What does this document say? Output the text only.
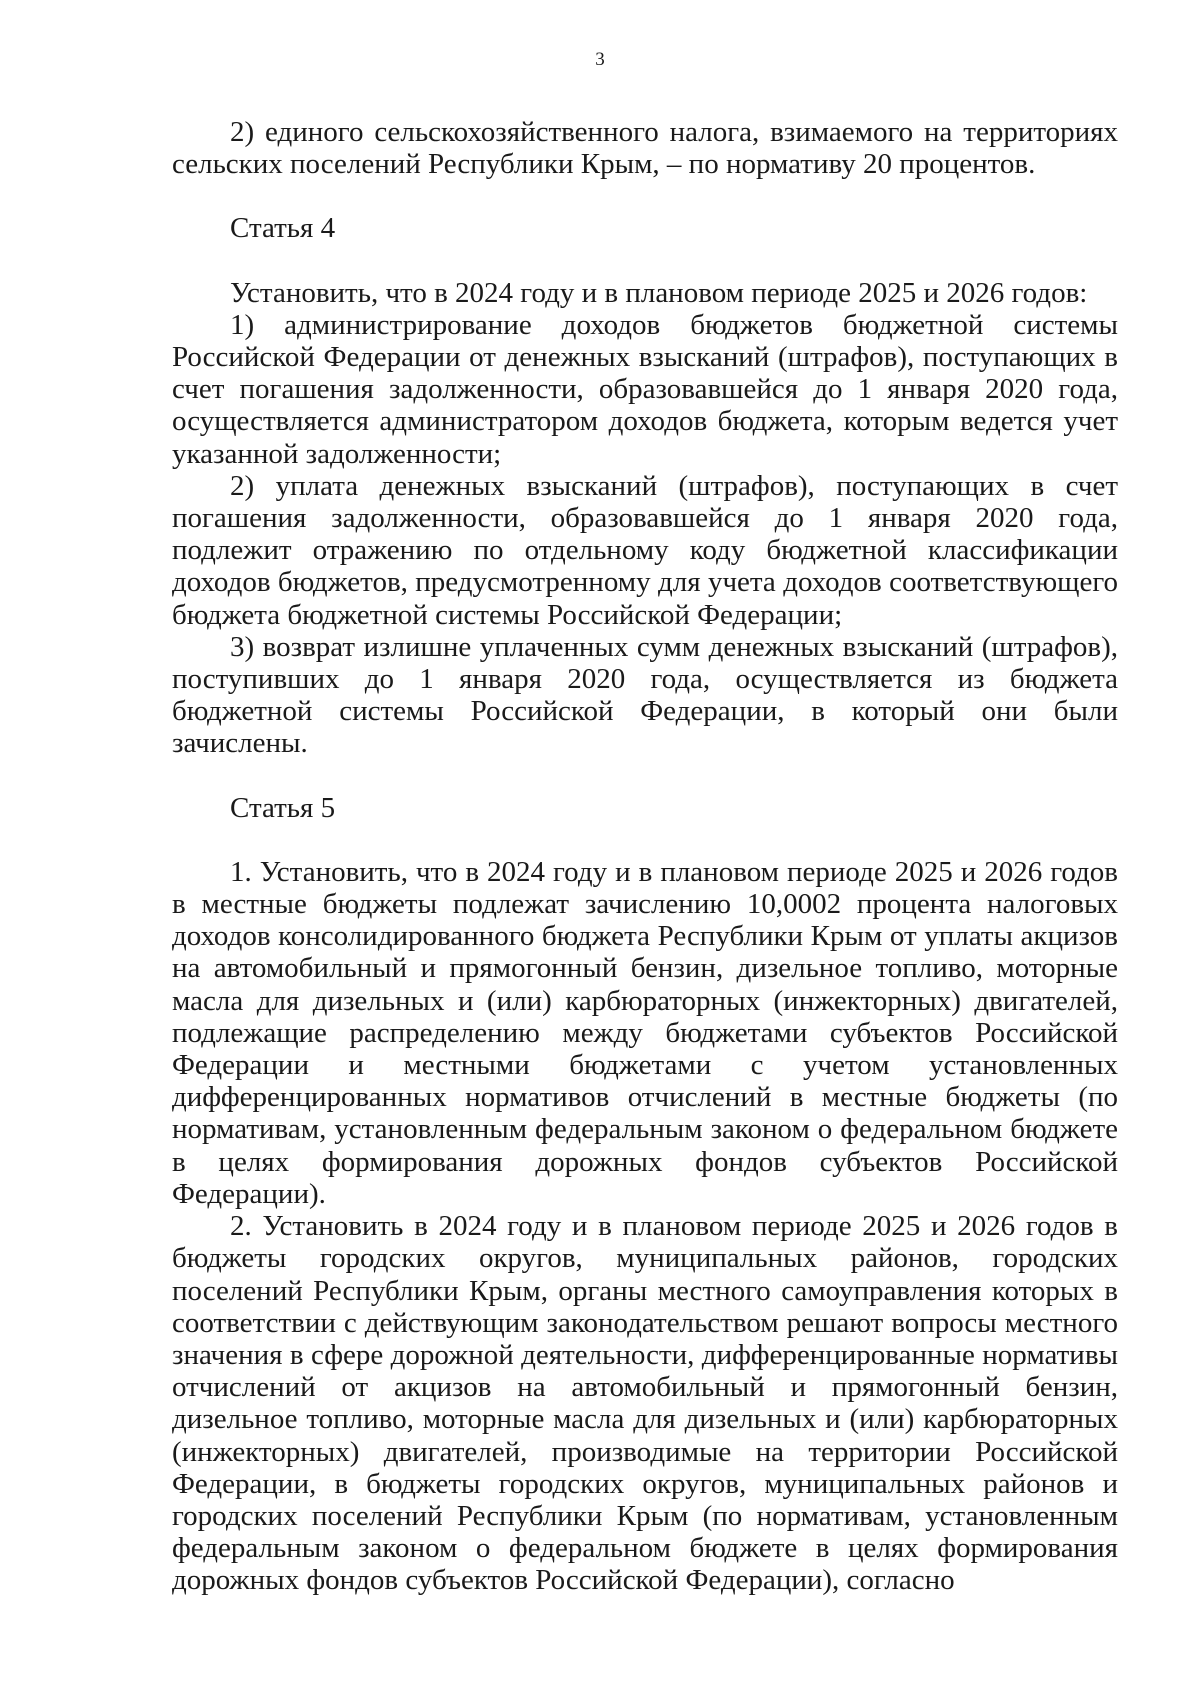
3

2) единого сельскохозяйственного налога, взимаемого на территориях сельских поселений Республики Крым, – по нормативу 20 процентов.

Статья 4

Установить, что в 2024 году и в плановом периоде 2025 и 2026 годов:

1) администрирование доходов бюджетов бюджетной системы Российской Федерации от денежных взысканий (штрафов), поступающих в счет погашения задолженности, образовавшейся до 1 января 2020 года, осуществляется администратором доходов бюджета, которым ведется учет указанной задолженности;

2) уплата денежных взысканий (штрафов), поступающих в счет погашения задолженности, образовавшейся до 1 января 2020 года, подлежит отражению по отдельному коду бюджетной классификации доходов бюджетов, предусмотренному для учета доходов соответствующего бюджета бюджетной системы Российской Федерации;

3) возврат излишне уплаченных сумм денежных взысканий (штрафов), поступивших до 1 января 2020 года, осуществляется из бюджета бюджетной системы Российской Федерации, в который они были зачислены.

Статья 5

1. Установить, что в 2024 году и в плановом периоде 2025 и 2026 годов в местные бюджеты подлежат зачислению 10,0002 процента налоговых доходов консолидированного бюджета Республики Крым от уплаты акцизов на автомобильный и прямогонный бензин, дизельное топливо, моторные масла для дизельных и (или) карбюраторных (инжекторных) двигателей, подлежащие распределению между бюджетами субъектов Российской Федерации и местными бюджетами с учетом установленных дифференцированных нормативов отчислений в местные бюджеты (по нормативам, установленным федеральным законом о федеральном бюджете в целях формирования дорожных фондов субъектов Российской Федерации).

2. Установить в 2024 году и в плановом периоде 2025 и 2026 годов в бюджеты городских округов, муниципальных районов, городских поселений Республики Крым, органы местного самоуправления которых в соответствии с действующим законодательством решают вопросы местного значения в сфере дорожной деятельности, дифференцированные нормативы отчислений от акцизов на автомобильный и прямогонный бензин, дизельное топливо, моторные масла для дизельных и (или) карбюраторных (инжекторных) двигателей, производимые на территории Российской Федерации, в бюджеты городских округов, муниципальных районов и городских поселений Республики Крым (по нормативам, установленным федеральным законом о федеральном бюджете в целях формирования дорожных фондов субъектов Российской Федерации), согласно
